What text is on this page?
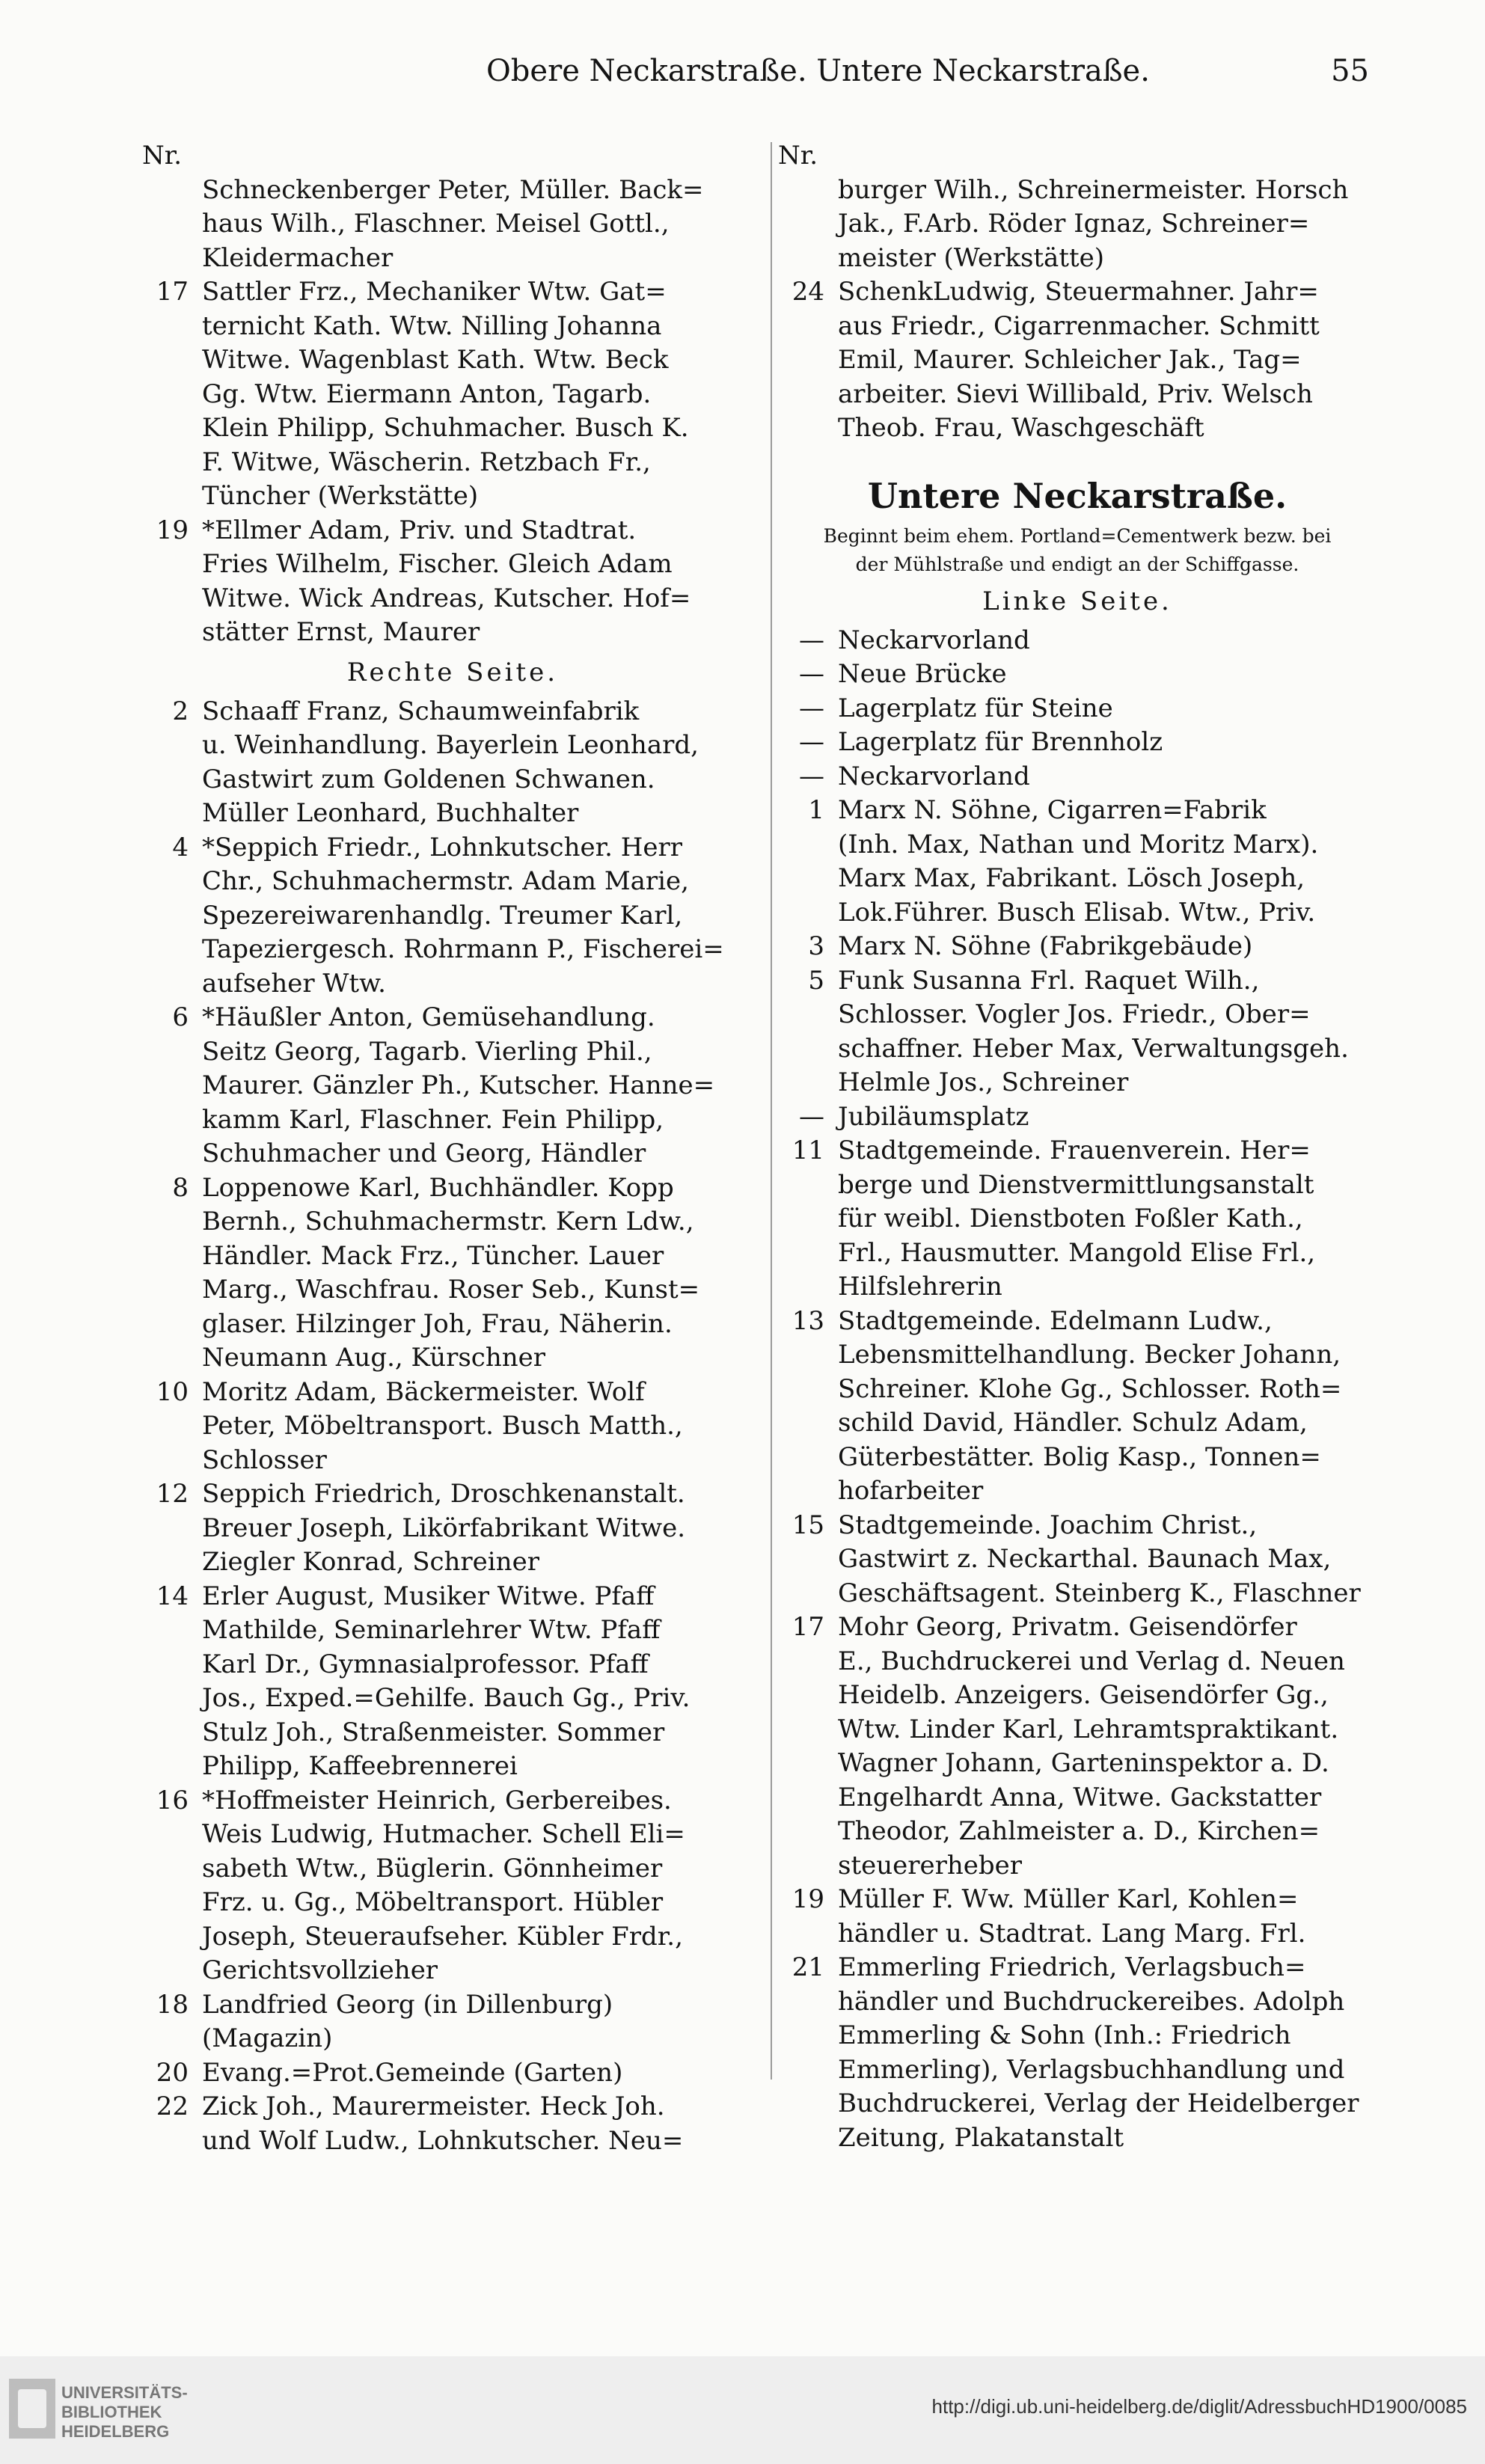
Obere Neckarstraße. Untere Neckarstraße.	55
Nr.
Schneckenberger Peter, Müller. Back=
haus Wilh., Flaschner. Meisel Gottl.,
Kleidermacher
17 Sattler Frz., Mechaniker Wtw. Gat=
ternicht Kath. Wtw. Nilling Johanna
Witwe. Wagenblast Kath. Wtw. Beck
Gg. Wtw. Eiermann Anton, Tagarb.
Klein Philipp, Schuhmacher. Busch K.
F. Witwe, Wäscherin. Retzbach Fr.,
Tüncher (Werkstätte)
19 *Ellmer Adam, Priv. und Stadtrat.
Fries Wilhelm, Fischer. Gleich Adam
Witwe. Wick Andreas, Kutscher. Hof=
stätter Ernst, Maurer
Rechte Seite.
2 Schaaff Franz, Schaumweinfabrik
u. Weinhandlung. Bayerlein Leonhard,
Gastwirt zum Goldenen Schwanen.
Müller Leonhard, Buchhalter
4 *Seppich Friedr., Lohnkutscher. Herr
Chr., Schuhmachermstr. Adam Marie,
Spezereiwarenhandlg. Treumer Karl,
Tapeziergesch. Rohrmann P., Fischerei=
aufseher Wtw.
6 *Häußler Anton, Gemüsehandlung.
Seitz Georg, Tagarb. Vierling Phil.,
Maurer. Gänzler Ph., Kutscher. Hanne=
kamm Karl, Flaschner. Fein Philipp,
Schuhmacher und Georg, Händler
8 Loppenowe Karl, Buchhändler. Kopp
Bernh., Schuhmachermstr. Kern Ldw.,
Händler. Mack Frz., Tüncher. Lauer
Marg., Waschfrau. Roser Seb., Kunst=
glaser. Hilzinger Joh, Frau, Näherin.
Neumann Aug., Kürschner
10 Moritz Adam, Bäckermeister. Wolf
Peter, Möbeltransport. Busch Matth.,
Schlosser
12 Seppich Friedrich, Droschkenanstalt.
Breuer Joseph, Likörfabrikant Witwe.
Ziegler Konrad, Schreiner
14 Erler August, Musiker Witwe. Pfaff
Mathilde, Seminarlehrer Wtw. Pfaff
Karl Dr., Gymnasialprofessor. Pfaff
Jos., Exped.=Gehilfe. Bauch Gg., Priv.
Stulz Joh., Straßenmeister. Sommer
Philipp, Kaffeebrennerei
16 *Hoffmeister Heinrich, Gerbereibes.
Weis Ludwig, Hutmacher. Schell Eli=
sabeth Wtw., Büglerin. Gönnheimer
Frz. u. Gg., Möbeltransport. Hübler
Joseph, Steueraufseher. Kübler Frdr.,
Gerichtsvollzieher
18 Landfried Georg (in Dillenburg)
(Magazin)
20 Evang.=Prot.Gemeinde (Garten)
22 Zick Joh., Maurermeister. Heck Joh.
und Wolf Ludw., Lohnkutscher. Neu=
Nr.
burger Wilh., Schreinermeister. Horsch
Jak., F.Arb. Röder Ignaz, Schreiner=
meister (Werkstätte)
24 SchenkLudwig, Steuermahner. Jahr=
aus Friedr., Cigarrenmacher. Schmitt
Emil, Maurer. Schleicher Jak., Tag=
arbeiter. Sievi Willibald, Priv. Welsch
Theob. Frau, Waschgeschäft
Untere Neckarstraße.
Beginnt beim ehem. Portland=Cementwerk bezw. bei
der Mühlstraße und endigt an der Schiffgasse.
Linke Seite.
— Neckarvorland
— Neue Brücke
— Lagerplatz für Steine
— Lagerplatz für Brennholz
— Neckarvorland
1 Marx N. Söhne, Cigarren=Fabrik
(Inh. Max, Nathan und Moritz Marx).
Marx Max, Fabrikant. Lösch Joseph,
Lok.Führer. Busch Elisab. Wtw., Priv.
3 Marx N. Söhne (Fabrikgebäude)
5 Funk Susanna Frl. Raquet Wilh.,
Schlosser. Vogler Jos. Friedr., Ober=
schaffner. Heber Max, Verwaltungsgeh.
Helmle Jos., Schreiner
— Jubiläumsplatz
11 Stadtgemeinde. Frauenverein. Her=
berge und Dienstvermittlungsanstalt
für weibl. Dienstboten Foßler Kath.,
Frl., Hausmutter. Mangold Elise Frl.,
Hilfslehrerin
13 Stadtgemeinde. Edelmann Ludw.,
Lebensmittelhandlung. Becker Johann,
Schreiner. Klohe Gg., Schlosser. Roth=
schild David, Händler. Schulz Adam,
Güterbestätter. Bolig Kasp., Tonnen=
hofarbeiter
15 Stadtgemeinde. Joachim Christ.,
Gastwirt z. Neckarthal. Baunach Max,
Geschäftsagent. Steinberg K., Flaschner
17 Mohr Georg, Privatm. Geisendörfer
E., Buchdruckerei und Verlag d. Neuen
Heidelb. Anzeigers. Geisendörfer Gg.,
Wtw. Linder Karl, Lehramtspraktikant.
Wagner Johann, Garteninspektor a. D.
Engelhardt Anna, Witwe. Gackstatter
Theodor, Zahlmeister a. D., Kirchen=
steuererheber
19 Müller F. Ww. Müller Karl, Kohlen=
händler u. Stadtrat. Lang Marg. Frl.
21 Emmerling Friedrich, Verlagsbuch=
händler und Buchdruckereibes. Adolph
Emmerling & Sohn (Inh.: Friedrich
Emmerling), Verlagsbuchhandlung und
Buchdruckerei, Verlag der Heidelberger
Zeitung, Plakatanstalt
UNIVERSITÄTS-
BIBLIOTHEK
HEIDELBERG
http://digi.ub.uni-heidelberg.de/diglit/AdressbuchHD1900/0085
